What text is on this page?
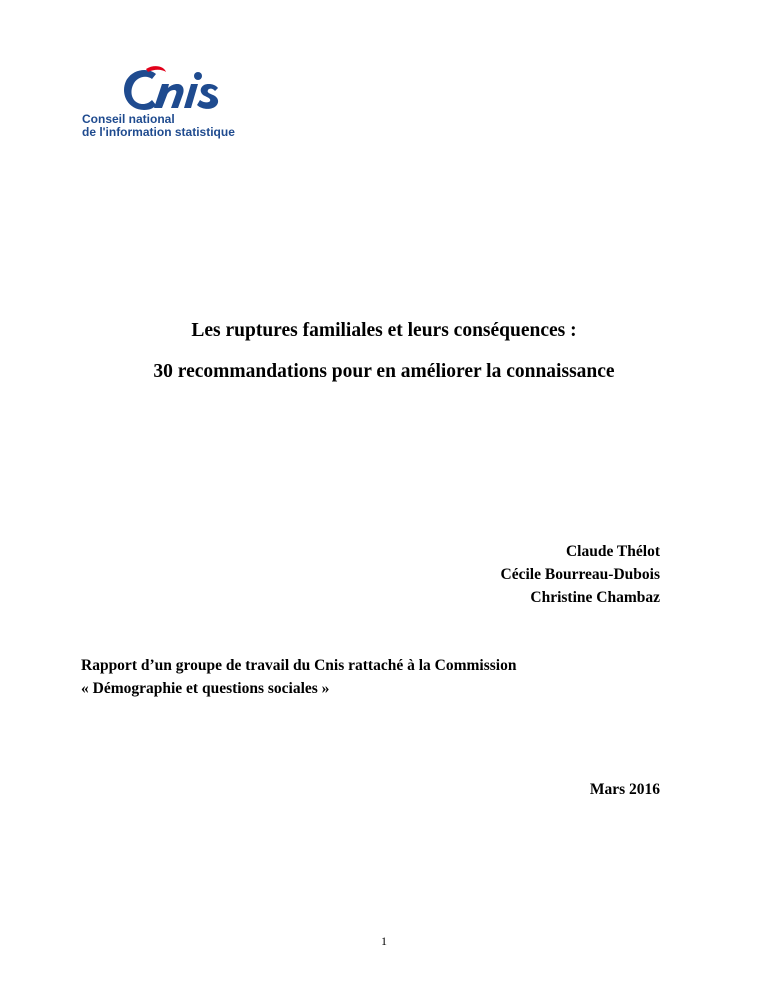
Conseil national
de l'information statistique
Les ruptures familiales et leurs conséquences :
30 recommandations pour en améliorer la connaissance
Claude Thélot
Cécile Bourreau-Dubois
Christine Chambaz
Rapport d’un groupe de travail du Cnis rattaché à la Commission
« Démographie et questions sociales »
Mars 2016
1
